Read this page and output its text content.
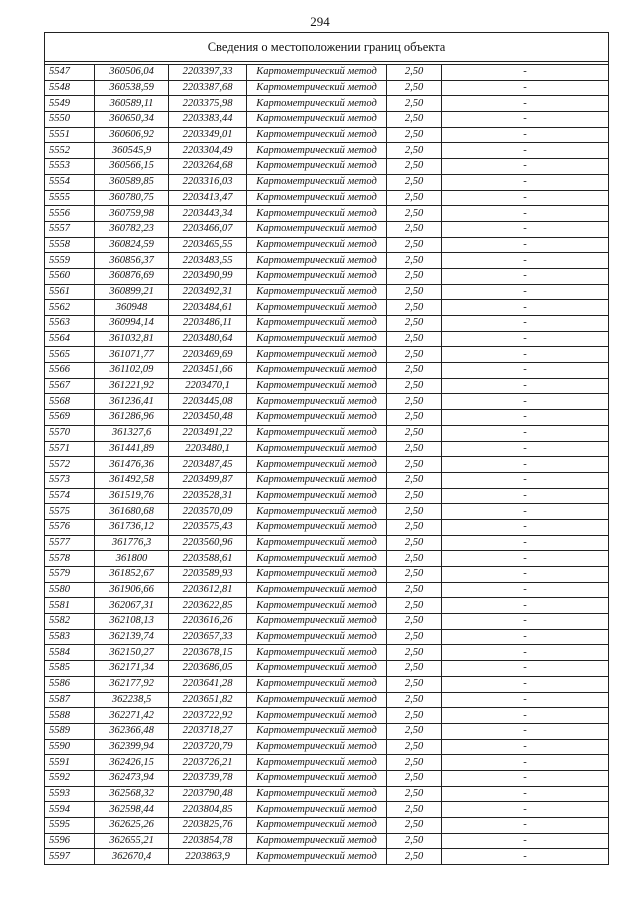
294
Сведения о местоположении границ объекта					

5547	360506,04	2203397,33	Картометрический метод	2,50	-
5548	360538,59	2203387,68	Картометрический метод	2,50	-
5549	360589,11	2203375,98	Картометрический метод	2,50	-
5550	360650,34	2203383,44	Картометрический метод	2,50	-
5551	360606,92	2203349,01	Картометрический метод	2,50	-
5552	360545,9	2203304,49	Картометрический метод	2,50	-
5553	360566,15	2203264,68	Картометрический метод	2,50	-
5554	360589,85	2203316,03	Картометрический метод	2,50	-
5555	360780,75	2203413,47	Картометрический метод	2,50	-
5556	360759,98	2203443,34	Картометрический метод	2,50	-
5557	360782,23	2203466,07	Картометрический метод	2,50	-
5558	360824,59	2203465,55	Картометрический метод	2,50	-
5559	360856,37	2203483,55	Картометрический метод	2,50	-
5560	360876,69	2203490,99	Картометрический метод	2,50	-
5561	360899,21	2203492,31	Картометрический метод	2,50	-
5562	360948	2203484,61	Картометрический метод	2,50	-
5563	360994,14	2203486,11	Картометрический метод	2,50	-
5564	361032,81	2203480,64	Картометрический метод	2,50	-
5565	361071,77	2203469,69	Картометрический метод	2,50	-
5566	361102,09	2203451,66	Картометрический метод	2,50	-
5567	361221,92	2203470,1	Картометрический метод	2,50	-
5568	361236,41	2203445,08	Картометрический метод	2,50	-
5569	361286,96	2203450,48	Картометрический метод	2,50	-
5570	361327,6	2203491,22	Картометрический метод	2,50	-
5571	361441,89	2203480,1	Картометрический метод	2,50	-
5572	361476,36	2203487,45	Картометрический метод	2,50	-
5573	361492,58	2203499,87	Картометрический метод	2,50	-
5574	361519,76	2203528,31	Картометрический метод	2,50	-
5575	361680,68	2203570,09	Картометрический метод	2,50	-
5576	361736,12	2203575,43	Картометрический метод	2,50	-
5577	361776,3	2203560,96	Картометрический метод	2,50	-
5578	361800	2203588,61	Картометрический метод	2,50	-
5579	361852,67	2203589,93	Картометрический метод	2,50	-
5580	361906,66	2203612,81	Картометрический метод	2,50	-
5581	362067,31	2203622,85	Картометрический метод	2,50	-
5582	362108,13	2203616,26	Картометрический метод	2,50	-
5583	362139,74	2203657,33	Картометрический метод	2,50	-
5584	362150,27	2203678,15	Картометрический метод	2,50	-
5585	362171,34	2203686,05	Картометрический метод	2,50	-
5586	362177,92	2203641,28	Картометрический метод	2,50	-
5587	362238,5	2203651,82	Картометрический метод	2,50	-
5588	362271,42	2203722,92	Картометрический метод	2,50	-
5589	362366,48	2203718,27	Картометрический метод	2,50	-
5590	362399,94	2203720,79	Картометрический метод	2,50	-
5591	362426,15	2203726,21	Картометрический метод	2,50	-
5592	362473,94	2203739,78	Картометрический метод	2,50	-
5593	362568,32	2203790,48	Картометрический метод	2,50	-
5594	362598,44	2203804,85	Картометрический метод	2,50	-
5595	362625,26	2203825,76	Картометрический метод	2,50	-
5596	362655,21	2203854,78	Картометрический метод	2,50	-
5597	362670,4	2203863,9	Картометрический метод	2,50	-
